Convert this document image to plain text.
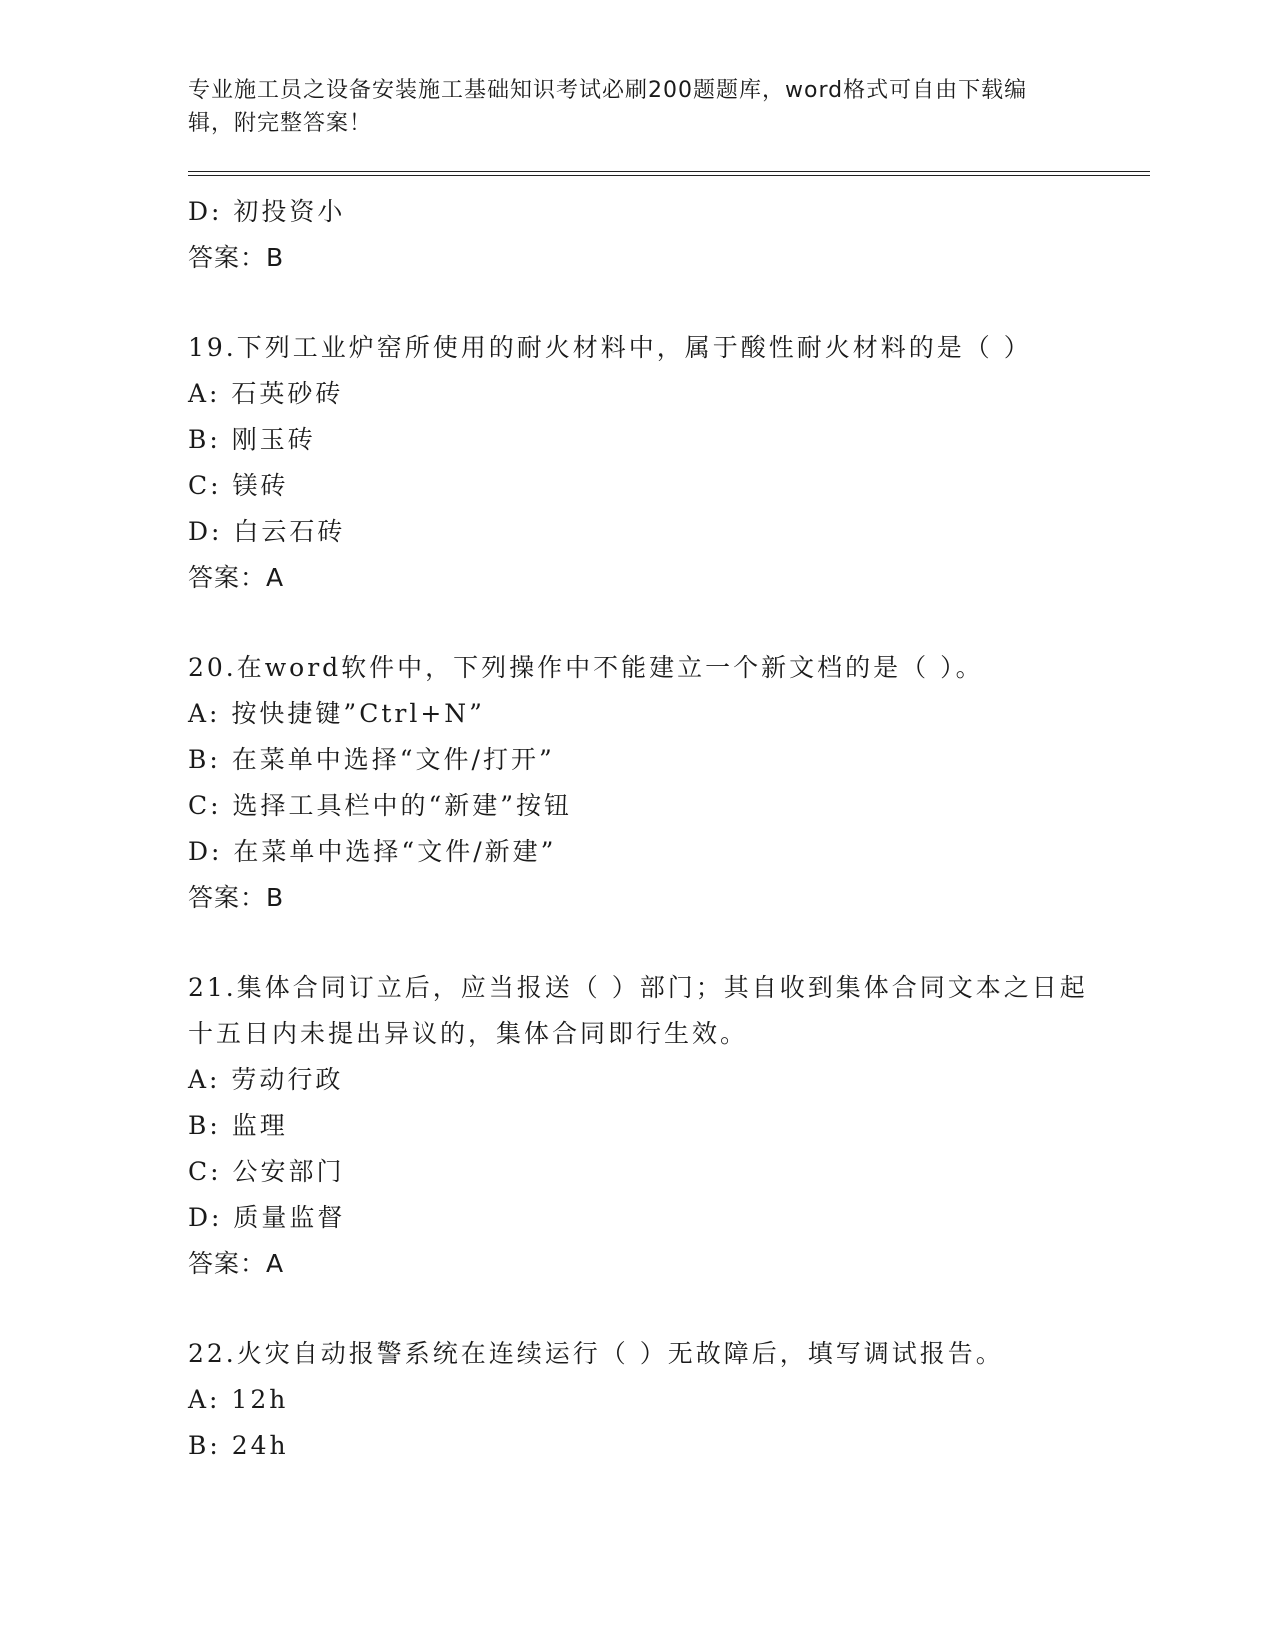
专业施工员之设备安装施工基础知识考试必刷200题题库，word格式可自由下载编辑，附完整答案！
D: 初投资小
答案：B
19.下列工业炉窑所使用的耐火材料中，属于酸性耐火材料的是（ ）
A: 石英砂砖
B: 刚玉砖
C: 镁砖
D: 白云石砖
答案：A
20.在word软件中，下列操作中不能建立一个新文档的是（ ）。
A: 按快捷键”Ctrl+N”
B: 在菜单中选择“文件/打开”
C: 选择工具栏中的“新建”按钮
D: 在菜单中选择“文件/新建”
答案：B
21.集体合同订立后，应当报送（ ）部门；其自收到集体合同文本之日起十五日内未提出异议的，集体合同即行生效。
A: 劳动行政
B: 监理
C: 公安部门
D: 质量监督
答案：A
22.火灾自动报警系统在连续运行（ ）无故障后，填写调试报告。
A: 12h
B: 24h
